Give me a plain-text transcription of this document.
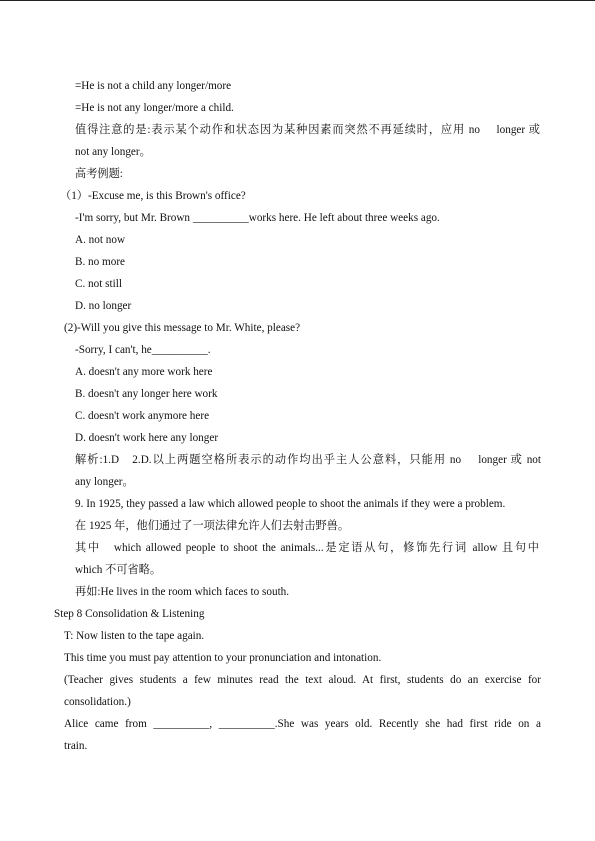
=He is not a child any longer/more
=He is not any longer/more a child.
值得注意的是:表示某个动作和状态因为某种因素而突然不再延续时，应用 no　 longer 或
not any longer。
高考例题:
（1）-Excuse me, is this Brown's office?
-I'm sorry, but Mr. Brown __________works here. He left about three weeks ago.
A. not now
B. no more
C. not still
D. no longer
(2)-Will you give this message to Mr. White, please?
-Sorry, I can't, he__________.
A. doesn't any more work here
B. doesn't any longer here work
C. doesn't work anymore here
D. doesn't work here any longer
解析:1.D　2.D.以上两题空格所表示的动作均出乎主人公意料，只能用 no　 longer 或 not
any longer。
9. In 1925, they passed a law which allowed people to shoot the animals if they were a problem.
在 1925 年，他们通过了一项法律允许人们去射击野兽。
其中　which allowed people to shoot the animals...是定语从句，修饰先行词 allow 且句中
which 不可省略。
再如:He lives in the room which faces to south.
Step 8 Consolidation & Listening
T: Now listen to the tape again.
This time you must pay attention to your pronunciation and intonation.
(Teacher gives students a few minutes read the text aloud. At first, students do an exercise for
consolidation.)
Alice came from __________, __________.She was years old. Recently she had first ride on a
train.
